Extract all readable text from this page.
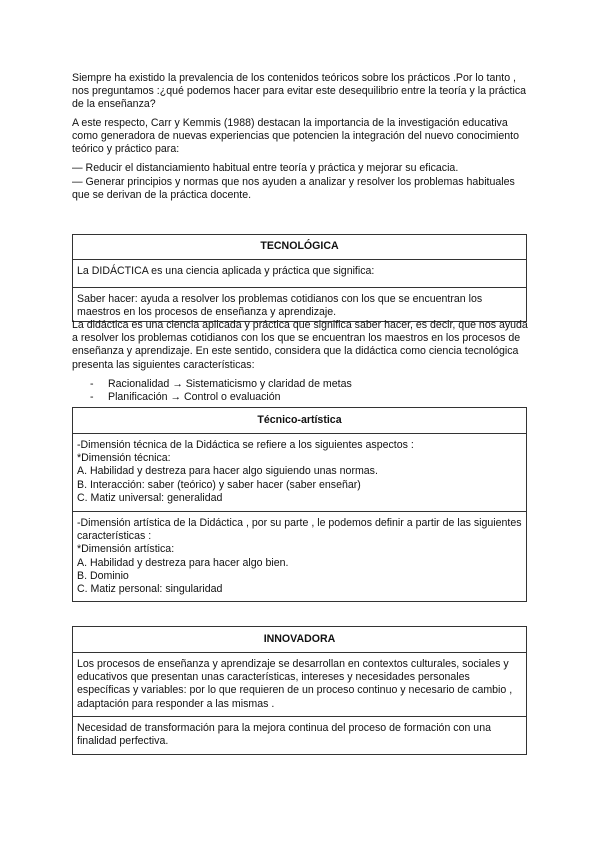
Siempre ha existido la prevalencia de los contenidos teóricos sobre los prácticos .Por lo tanto , nos preguntamos :¿qué podemos hacer para evitar este desequilibrio entre la teoría y la práctica de la enseñanza?
A este respecto, Carr y Kemmis (1988) destacan la importancia de la investigación educativa como generadora de nuevas experiencias que potencien la integración del nuevo conocimiento teórico y práctico para:
— Reducir el distanciamiento habitual entre teoría y práctica y mejorar su eficacia.
— Generar principios y normas que nos ayuden a analizar y resolver los problemas habituales que se derivan de la práctica docente.
TECNOLÓGICA
La DIDÁCTICA es una ciencia aplicada y práctica que significa:
Saber hacer: ayuda a resolver los problemas cotidianos con los que se encuentran los maestros en los procesos de enseñanza y aprendizaje.
La didáctica es una ciencia aplicada y práctica que significa saber hacer, es decir, que nos ayuda a resolver los problemas cotidianos con los que se encuentran los maestros en los procesos de enseñanza y aprendizaje. En este sentido, considera que la didáctica como ciencia tecnológica presenta las siguientes características:
- Racionalidad → Sistematicismo y claridad de metas
- Planificación → Control o evaluación
Técnico-artística
-Dimensión técnica de la Didáctica se refiere a los siguientes aspectos :
*Dimensión técnica:
A. Habilidad y destreza para hacer algo siguiendo unas normas.
B. Interacción: saber (teórico) y saber hacer (saber enseñar)
C. Matiz universal: generalidad
-Dimensión artística de la Didáctica , por su parte , le podemos definir a partir de las siguientes características :
*Dimensión artística:
A. Habilidad y destreza para hacer algo bien.
B. Dominio
C. Matiz personal: singularidad
INNOVADORA
Los procesos de enseñanza y aprendizaje se desarrollan en contextos culturales, sociales y educativos que presentan unas características, intereses y necesidades personales específicas y variables: por lo que requieren de un proceso continuo y necesario de cambio , adaptación para responder a las mismas .
Necesidad de transformación para la mejora continua del proceso de formación con una finalidad perfectiva.
